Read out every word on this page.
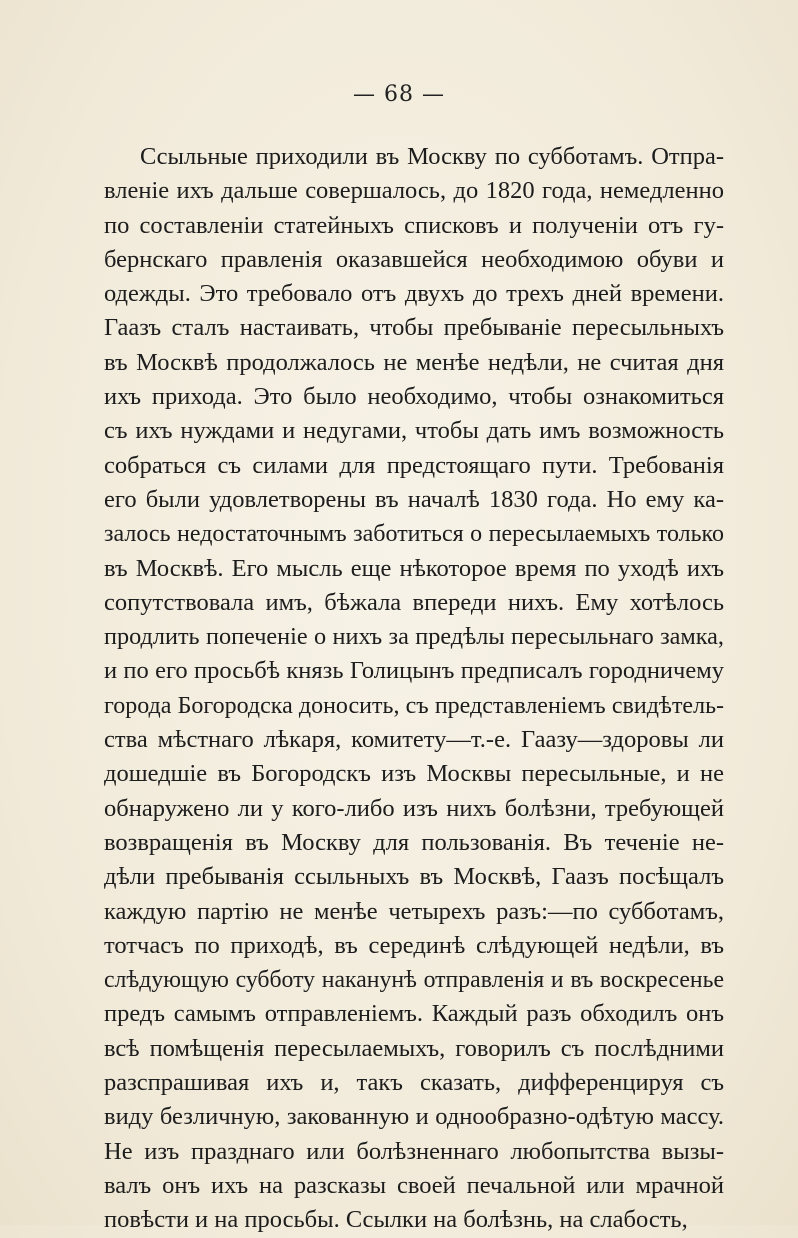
— 68 —
Ссыльные приходили въ Москву по субботамъ. Отпра-
вленіе ихъ дальше совершалось, до 1820 года, немедленно
по составленіи статейныхъ списковъ и полученіи отъ гу-
бернскаго правленія оказавшейся необходимою обуви и
одежды. Это требовало отъ двухъ до трехъ дней времени.
Гаазъ сталъ настаивать, чтобы пребываніе пересыльныхъ
въ Москвѣ продолжалось не менѣе недѣли, не считая дня
ихъ прихода. Это было необходимо, чтобы ознакомиться
съ ихъ нуждами и недугами, чтобы дать имъ возможность
собраться съ силами для предстоящаго пути. Требованія
его были удовлетворены въ началѣ 1830 года. Но ему ка-
залось недостаточнымъ заботиться о пересылаемыхъ только
въ Москвѣ. Его мысль еще нѣкоторое время по уходѣ ихъ
сопутствовала имъ, бѣжала впереди нихъ. Ему хотѣлось
продлить попеченіе о нихъ за предѣлы пересыльнаго замка,
и по его просьбѣ князь Голицынъ предписалъ городничему
города Богородска доносить, съ представленіемъ свидѣтель-
ства мѣстнаго лѣкаря, комитету—т.-е. Гаазу—здоровы ли
дошедшіе въ Богородскъ изъ Москвы пересыльные, и не
обнаружено ли у кого-либо изъ нихъ болѣзни, требующей
возвращенія въ Москву для пользованія. Въ теченіе не-
дѣли пребыванія ссыльныхъ въ Москвѣ, Гаазъ посѣщалъ
каждую партію не менѣе четырехъ разъ:—по субботамъ,
тотчасъ по приходѣ, въ серединѣ слѣдующей недѣли, въ
слѣдующую субботу наканунѣ отправленія и въ воскресенье
предъ самымъ отправленіемъ. Каждый разъ обходилъ онъ
всѣ помѣщенія пересылаемыхъ, говорилъ съ послѣдними
разспрашивая ихъ и, такъ сказать, дифференцируя съ
виду безличную, закованную и однообразно-одѣтую массу.
Не изъ празднаго или болѣзненнаго любопытства вызы-
валъ онъ ихъ на разсказы своей печальной или мрачной
повѣсти и на просьбы. Ссылки на болѣзнь, на слабость,
